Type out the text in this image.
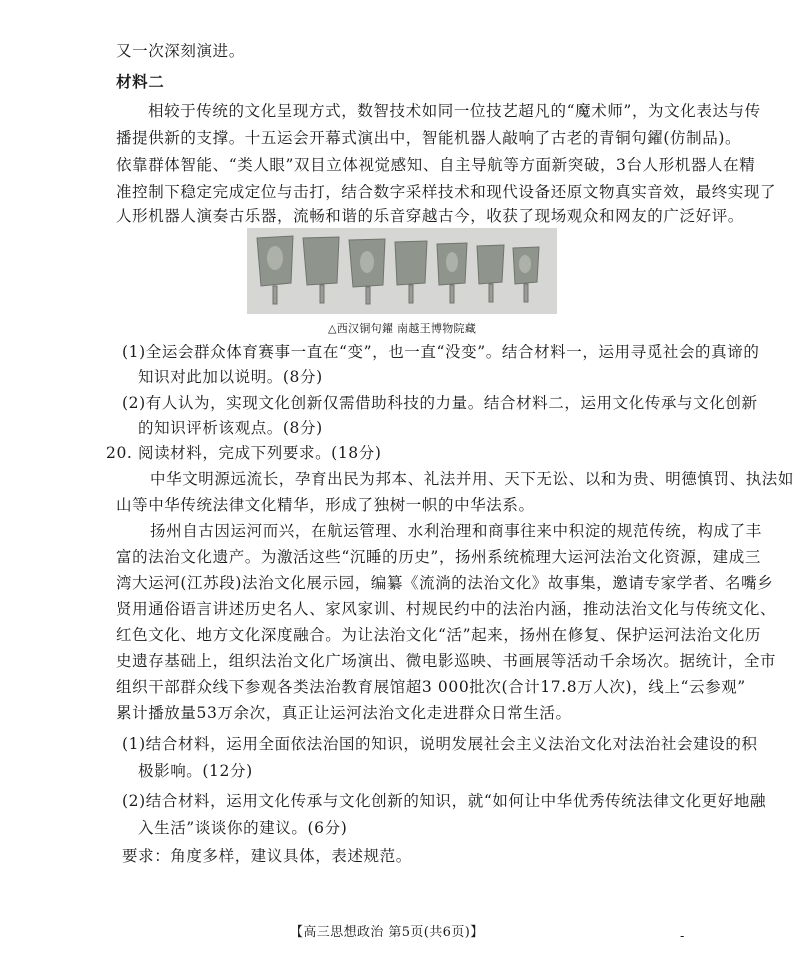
又一次深刻演进。
材料二
相较于传统的文化呈现方式，数智技术如同一位技艺超凡的“魔术师”，为文化表达与传
播提供新的支撑。十五运会开幕式演出中，智能机器人敲响了古老的青铜句鑃(仿制品)。
依靠群体智能、“类人眼”双目立体视觉感知、自主导航等方面新突破，3台人形机器人在精
准控制下稳定完成定位与击打，结合数字采样技术和现代设备还原文物真实音效，最终实现了
人形机器人演奏古乐器，流畅和谐的乐音穿越古今，收获了现场观众和网友的广泛好评。
△西汉铜句鑃 南越王博物院藏
(1)全运会群众体育赛事一直在“变”，也一直“没变”。结合材料一，运用寻觅社会的真谛的
知识对此加以说明。(8分)
(2)有人认为，实现文化创新仅需借助科技的力量。结合材料二，运用文化传承与文化创新
的知识评析该观点。(8分)
20. 阅读材料，完成下列要求。(18分)
中华文明源远流长，孕育出民为邦本、礼法并用、天下无讼、以和为贵、明德慎罚、执法如
山等中华传统法律文化精华，形成了独树一帜的中华法系。
扬州自古因运河而兴，在航运管理、水利治理和商事往来中积淀的规范传统，构成了丰
富的法治文化遗产。为激活这些“沉睡的历史”，扬州系统梳理大运河法治文化资源，建成三
湾大运河(江苏段)法治文化展示园，编纂《流淌的法治文化》故事集，邀请专家学者、名嘴乡
贤用通俗语言讲述历史名人、家风家训、村规民约中的法治内涵，推动法治文化与传统文化、
红色文化、地方文化深度融合。为让法治文化“活”起来，扬州在修复、保护运河法治文化历
史遗存基础上，组织法治文化广场演出、微电影巡映、书画展等活动千余场次。据统计，全市
组织干部群众线下参观各类法治教育展馆超3 000批次(合计17.8万人次)，线上“云参观”
累计播放量53万余次，真正让运河法治文化走进群众日常生活。
(1)结合材料，运用全面依法治国的知识，说明发展社会主义法治文化对法治社会建设的积
极影响。(12分)
(2)结合材料，运用文化传承与文化创新的知识，就“如何让中华优秀传统法律文化更好地融
入生活”谈谈你的建议。(6分)
要求：角度多样，建议具体，表述规范。
【高三思想政治 第5页(共6页)】	-
